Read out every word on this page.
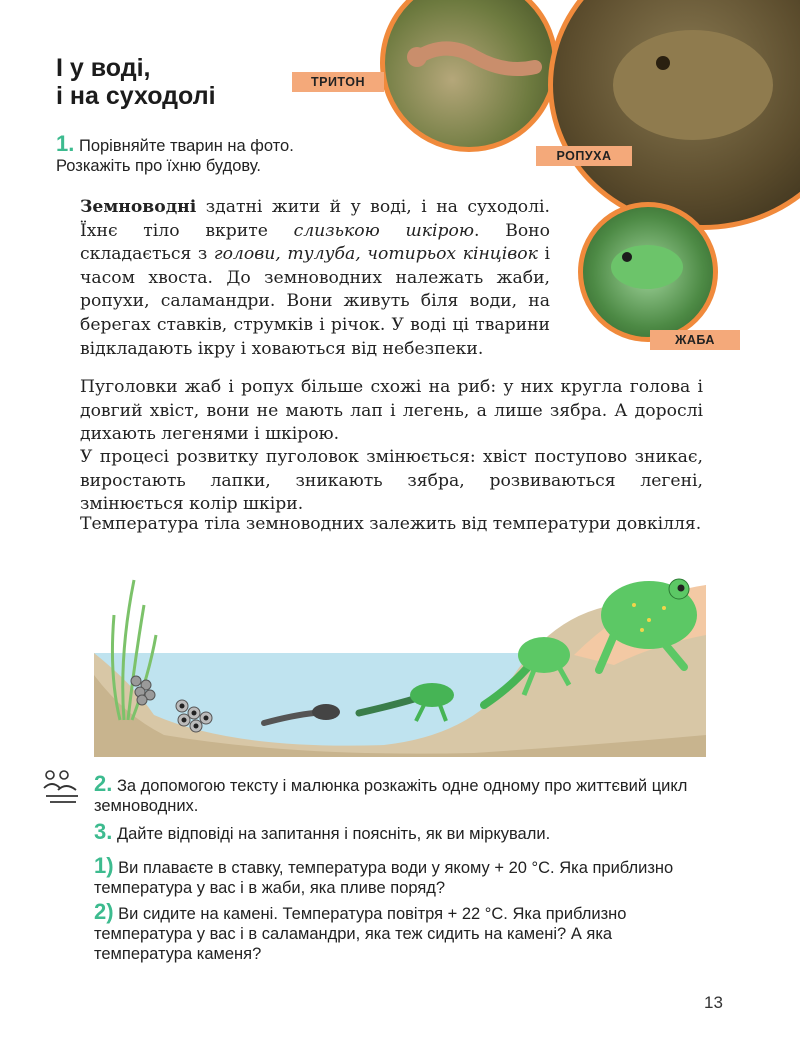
І у воді,
і на суходолі	ТРИТОН
РОПУХА
ЖАБА
1. Порівняйте тварин на фото. Розкажіть про їхню будову.
Земноводні здатні жити й у воді, і на суходолі. Їхнє тіло вкрите слизькою шкірою. Воно складається з голови, тулуба, чотирьох кінцівок і часом хвоста. До земноводних належать жаби, ропухи, саламандри. Вони живуть біля води, на берегах ставків, струмків і річок. У воді ці тварини відкладають ікру і ховаються від небезпеки.
Пуголовки жаб і ропух більше схожі на риб: у них кругла голова і довгий хвіст, вони не мають лап і легень, а лише зябра. А дорослі дихають легенями і шкірою.
У процесі розвитку пуголовок змінюється: хвіст поступово зникає, виростають лапки, зникають зябра, розвиваються легені, змінюється колір шкіри.
Температура тіла земноводних залежить від температури довкілля.
2. За допомогою тексту і малюнка розкажіть одне одному про життєвий цикл земноводних.
3. Дайте відповіді на запитання і поясніть, як ви міркували.
1) Ви плаваєте в ставку, температура води у якому + 20 °С. Яка приблизно температура у вас і в жаби, яка пливе поряд?
2) Ви сидите на камені. Температура повітря + 22 °С. Яка приблизно температура у вас і в саламандри, яка теж сидить на камені? А яка температура каменя?
13
